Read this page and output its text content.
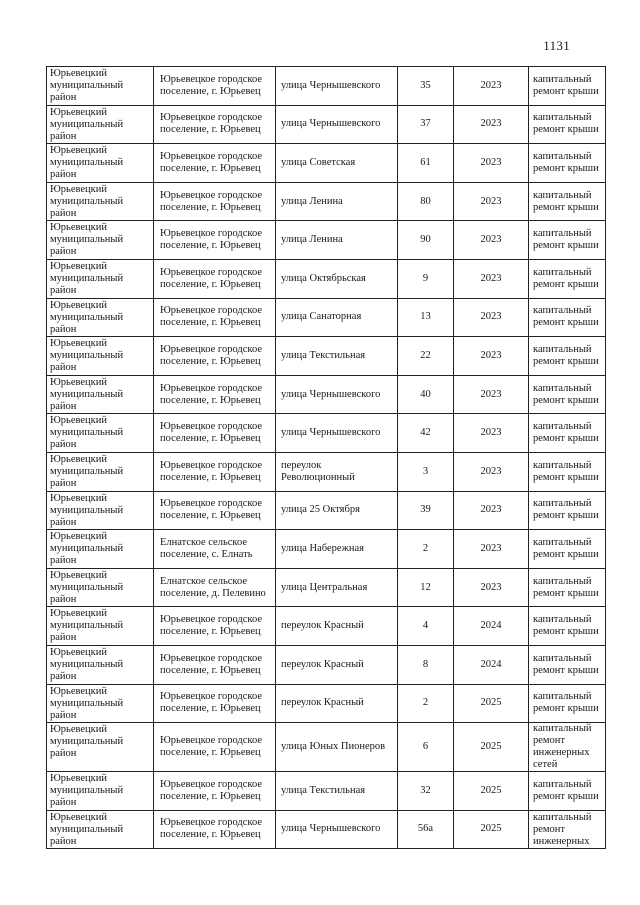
1131
Юрьевецкий муниципальный район	Юрьевецкое городское поселение, г. Юрьевец	улица Чернышевского	35	2023	капитальный ремонт крыши
Юрьевецкий муниципальный район	Юрьевецкое городское поселение, г. Юрьевец	улица Чернышевского	37	2023	капитальный ремонт крыши
Юрьевецкий муниципальный район	Юрьевецкое городское поселение, г. Юрьевец	улица Советская	61	2023	капитальный ремонт крыши
Юрьевецкий муниципальный район	Юрьевецкое городское поселение, г. Юрьевец	улица Ленина	80	2023	капитальный ремонт крыши
Юрьевецкий муниципальный район	Юрьевецкое городское поселение, г. Юрьевец	улица Ленина	90	2023	капитальный ремонт крыши
Юрьевецкий муниципальный район	Юрьевецкое городское поселение, г. Юрьевец	улица Октябрьская	9	2023	капитальный ремонт крыши
Юрьевецкий муниципальный район	Юрьевецкое городское поселение, г. Юрьевец	улица Санаторная	13	2023	капитальный ремонт крыши
Юрьевецкий муниципальный район	Юрьевецкое городское поселение, г. Юрьевец	улица Текстильная	22	2023	капитальный ремонт крыши
Юрьевецкий муниципальный район	Юрьевецкое городское поселение, г. Юрьевец	улица Чернышевского	40	2023	капитальный ремонт крыши
Юрьевецкий муниципальный район	Юрьевецкое городское поселение, г. Юрьевец	улица Чернышевского	42	2023	капитальный ремонт крыши
Юрьевецкий муниципальный район	Юрьевецкое городское поселение, г. Юрьевец	переулок Революционный	3	2023	капитальный ремонт крыши
Юрьевецкий муниципальный район	Юрьевецкое городское поселение, г. Юрьевец	улица 25 Октября	39	2023	капитальный ремонт крыши
Юрьевецкий муниципальный район	Елнатское сельское поселение, с. Елнать	улица Набережная	2	2023	капитальный ремонт крыши
Юрьевецкий муниципальный район	Елнатское сельское поселение, д. Пелевино	улица Центральная	12	2023	капитальный ремонт крыши
Юрьевецкий муниципальный район	Юрьевецкое городское поселение, г. Юрьевец	переулок Красный	4	2024	капитальный ремонт крыши
Юрьевецкий муниципальный район	Юрьевецкое городское поселение, г. Юрьевец	переулок Красный	8	2024	капитальный ремонт крыши
Юрьевецкий муниципальный район	Юрьевецкое городское поселение, г. Юрьевец	переулок Красный	2	2025	капитальный ремонт крыши
Юрьевецкий муниципальный район	Юрьевецкое городское поселение, г. Юрьевец	улица Юных Пионеров	6	2025	капитальный ремонт инженерных сетей
Юрьевецкий муниципальный район	Юрьевецкое городское поселение, г. Юрьевец	улица Текстильная	32	2025	капитальный ремонт крыши
Юрьевецкий муниципальный район	Юрьевецкое городское поселение, г. Юрьевец	улица Чернышевского	56а	2025	капитальный ремонт инженерных
